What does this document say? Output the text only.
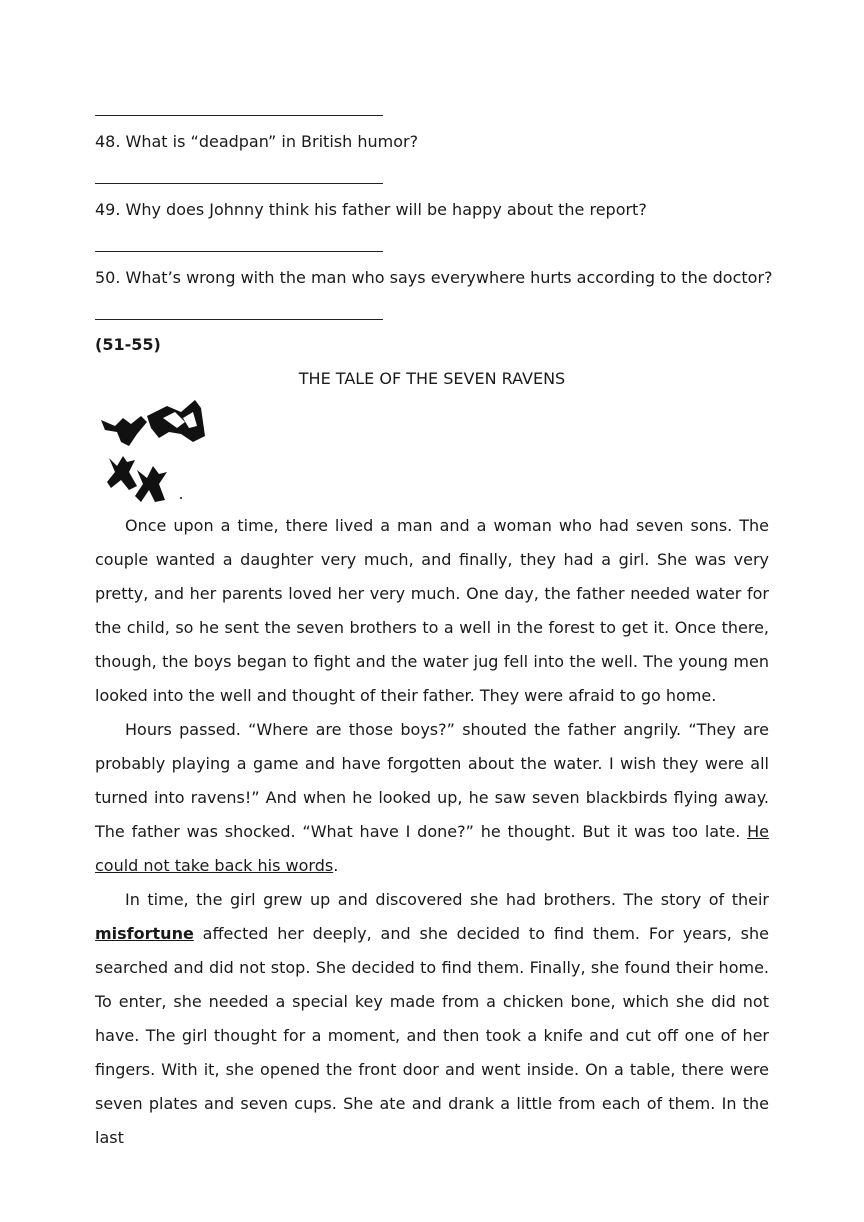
48. What is “deadpan” in British humor?
49. Why does Johnny think his father will be happy about the report?
50. What’s wrong with the man who says everywhere hurts according to the doctor?
(51-55)
THE TALE OF THE SEVEN RAVENS

Once upon a time, there lived a man and a woman who had seven sons. The couple wanted a daughter very much, and finally, they had a girl. She was very pretty, and her parents loved her very much. One day, the father needed water for the child, so he sent the seven brothers to a well in the forest to get it. Once there, though, the boys began to fight and the water jug fell into the well. The young men looked into the well and thought of their father. They were afraid to go home.

Hours passed. “Where are those boys?” shouted the father angrily. “They are probably playing a game and have forgotten about the water. I wish they were all turned into ravens!” And when he looked up, he saw seven blackbirds flying away. The father was shocked. “What have I done?” he thought. But it was too late. He could not take back his words.

In time, the girl grew up and discovered she had brothers. The story of their misfortune affected her deeply, and she decided to find them. For years, she searched and did not stop. She decided to find them. Finally, she found their home. To enter, she needed a special key made from a chicken bone, which she did not have. The girl thought for a moment, and then took a knife and cut off one of her fingers. With it, she opened the front door and went inside. On a table, there were seven plates and seven cups. She ate and drank a little from each of them. In the last
